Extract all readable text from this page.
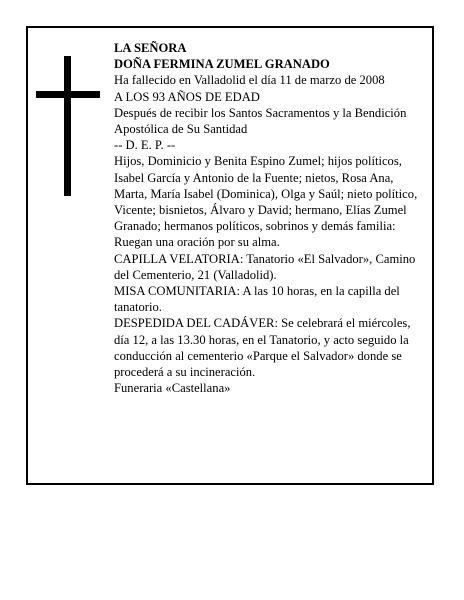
LA SEÑORA

DOÑA FERMINA ZUMEL GRANADO

Ha fallecido en Valladolid el día 11 de marzo de 2008

A LOS 93 AÑOS DE EDAD

Después de recibir los Santos Sacramentos y la Bendición Apostólica de Su Santidad

-- D. E. P. --

Hijos, Dominicio y Benita Espino Zumel; hijos políticos, Isabel García y Antonio de la Fuente; nietos, Rosa Ana, Marta, María Isabel (Dominica), Olga y Saúl; nieto político, Vicente; bisnietos, Álvaro y David; hermano, Elías Zumel Granado; hermanos políticos, sobrinos y demás familia:

Ruegan una oración por su alma.

CAPILLA VELATORIA: Tanatorio «El Salvador», Camino del Cementerio, 21 (Valladolid).

MISA COMUNITARIA: A las 10 horas, en la capilla del tanatorio.

DESPEDIDA DEL CADÁVER: Se celebrará el miércoles, día 12, a las 13.30 horas, en el Tanatorio, y acto seguido la conducción al cementerio «Parque el Salvador» donde se procederá a su incineración.

Funeraria «Castellana»
